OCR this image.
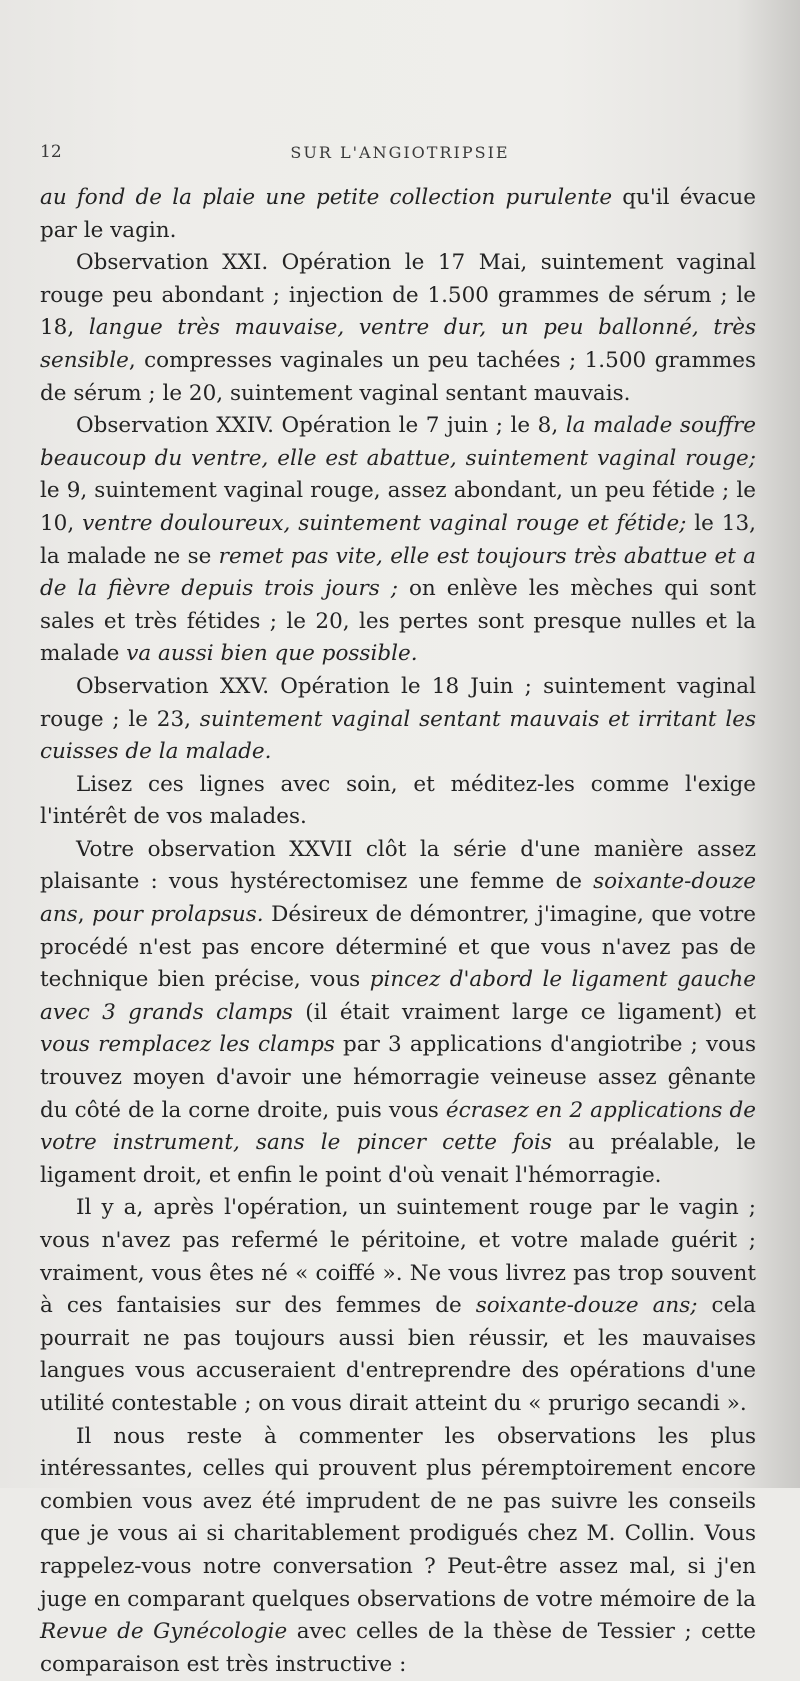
12	SUR L'ANGIOTRIPSIE

au fond de la plaie une petite collection purulente qu'il évacue par le vagin.

Observation XXI. Opération le 17 Mai, suintement vaginal rouge peu abondant ; injection de 1.500 grammes de sérum ; le 18, langue très mauvaise, ventre dur, un peu ballonné, très sensible, compresses vaginales un peu tachées ; 1.500 grammes de sérum ; le 20, suintement vaginal sentant mauvais.

Observation XXIV. Opération le 7 juin ; le 8, la malade souffre beaucoup du ventre, elle est abattue, suintement vaginal rouge; le 9, suintement vaginal rouge, assez abondant, un peu fétide ; le 10, ventre douloureux, suintement vaginal rouge et fétide; le 13, la malade ne se remet pas vite, elle est toujours très abattue et a de la fièvre depuis trois jours ; on enlève les mèches qui sont sales et très fétides ; le 20, les pertes sont presque nulles et la malade va aussi bien que possible.

Observation XXV. Opération le 18 Juin ; suintement vaginal rouge ; le 23, suintement vaginal sentant mauvais et irritant les cuisses de la malade.

Lisez ces lignes avec soin, et méditez-les comme l'exige l'intérêt de vos malades.

Votre observation XXVII clôt la série d'une manière assez plaisante : vous hystérectomisez une femme de soixante-douze ans, pour prolapsus. Désireux de démontrer, j'imagine, que votre procédé n'est pas encore déterminé et que vous n'avez pas de technique bien précise, vous pincez d'abord le ligament gauche avec 3 grands clamps (il était vraiment large ce ligament) et vous remplacez les clamps par 3 applications d'angiotribe ; vous trouvez moyen d'avoir une hémorragie veineuse assez gênante du côté de la corne droite, puis vous écrasez en 2 applications de votre instrument, sans le pincer cette fois au préalable, le ligament droit, et enfin le point d'où venait l'hémorragie.

Il y a, après l'opération, un suintement rouge par le vagin ; vous n'avez pas refermé le péritoine, et votre malade guérit ; vraiment, vous êtes né « coiffé ». Ne vous livrez pas trop souvent à ces fantaisies sur des femmes de soixante-douze ans; cela pourrait ne pas toujours aussi bien réussir, et les mauvaises langues vous accuseraient d'entreprendre des opérations d'une utilité contestable ; on vous dirait atteint du « prurigo secandi ».

Il nous reste à commenter les observations les plus intéressantes, celles qui prouvent plus péremptoirement encore combien vous avez été imprudent de ne pas suivre les conseils que je vous ai si charitablement prodigués chez M. Collin. Vous rappelez-vous notre conversation ? Peut-être assez mal, si j'en juge en comparant quelques observations de votre mémoire de la Revue de Gynécologie avec celles de la thèse de Tessier ; cette comparaison est très instructive :
